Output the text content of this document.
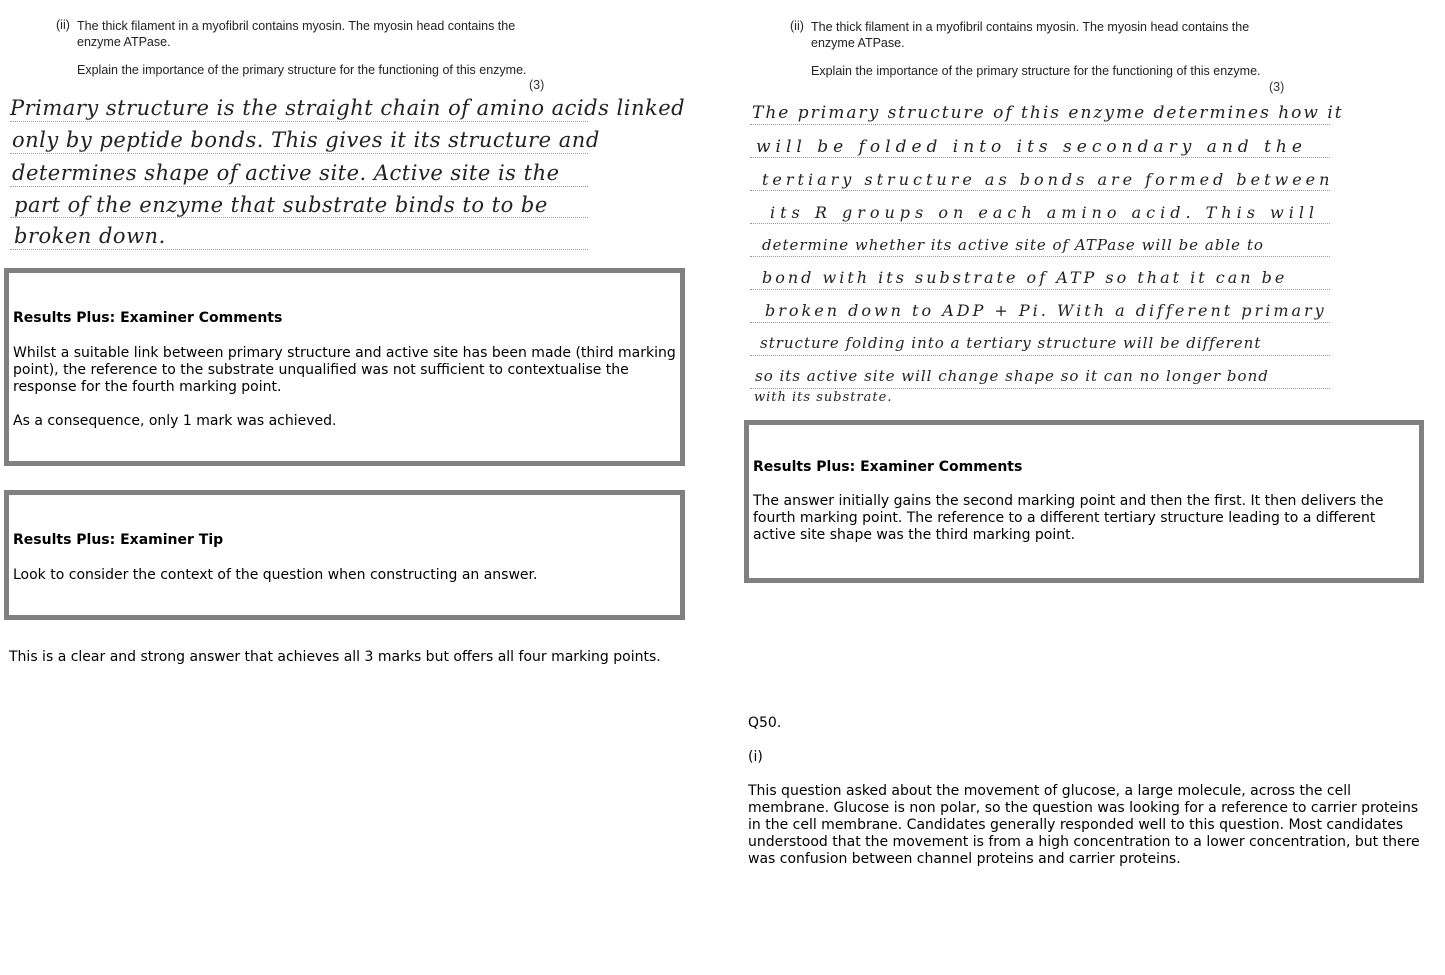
(ii) The thick filament in a myofibril contains myosin. The myosin head contains the
enzyme ATPase.
Explain the importance of the primary structure for the functioning of this enzyme.
(3)
Primary structure is the straight chain of amino acids linked
only by peptide bonds. This gives it its structure and
determines shape of active site. Active site is the
part of the enzyme that substrate binds to to be
broken down.
Results Plus: Examiner Comments

Whilst a suitable link between primary structure and active site has been made (third marking point), the reference to the substrate unqualified was not sufficient to contextualise the response for the fourth marking point.

As a consequence, only 1 mark was achieved.

Results Plus: Examiner Tip
Look to consider the context of the question when constructing an answer.
This is a clear and strong answer that achieves all 3 marks but offers all four marking points.
(ii) The thick filament in a myofibril contains myosin. The myosin head contains the
enzyme ATPase.
Explain the importance of the primary structure for the functioning of this enzyme.
(3)
The primary structure of this enzyme determines how it
will be folded into its secondary and the
tertiary structure as bonds are formed between
its R groups on each amino acid. This will
determine whether its active site of ATPase will be able to
bond with its substrate of ATP so that it can be
broken down to ADP + Pi. With a different primary
structure folding into a tertiary structure will be different
so its active site will change shape so it can no longer bond
with its substrate.
Results Plus: Examiner Comments
The answer initially gains the second marking point and then the first. It then delivers the fourth marking point. The reference to a different tertiary structure leading to a different active site shape was the third marking point.
Q50.
(i)
This question asked about the movement of glucose, a large molecule, across the cell membrane. Glucose is non polar, so the question was looking for a reference to carrier proteins in the cell membrane. Candidates generally responded well to this question. Most candidates understood that the movement is from a high concentration to a lower concentration, but there was confusion between channel proteins and carrier proteins.
